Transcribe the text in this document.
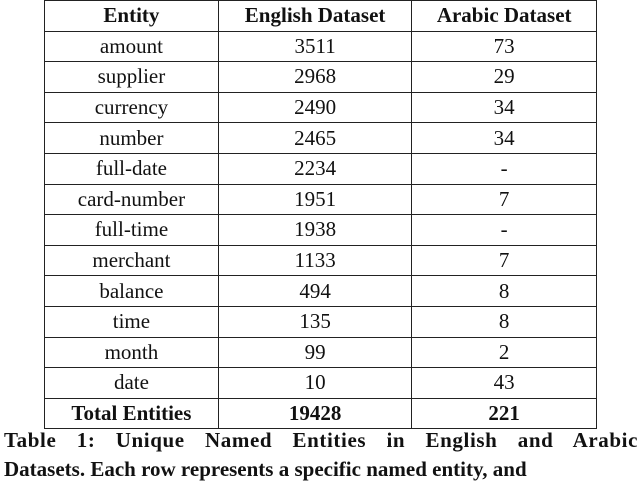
Entity	English Dataset	Arabic Dataset
amount	3511	73
supplier	2968	29
currency	2490	34
number	2465	34
full-date	2234	-
card-number	1951	7
full-time	1938	-
merchant	1133	7
balance	494	8
time	135	8
month	99	2
date	10	43
Total Entities	19428	221
Table 1: Unique Named Entities in English and Arabic
Datasets. Each row represents a specific named entity, and
